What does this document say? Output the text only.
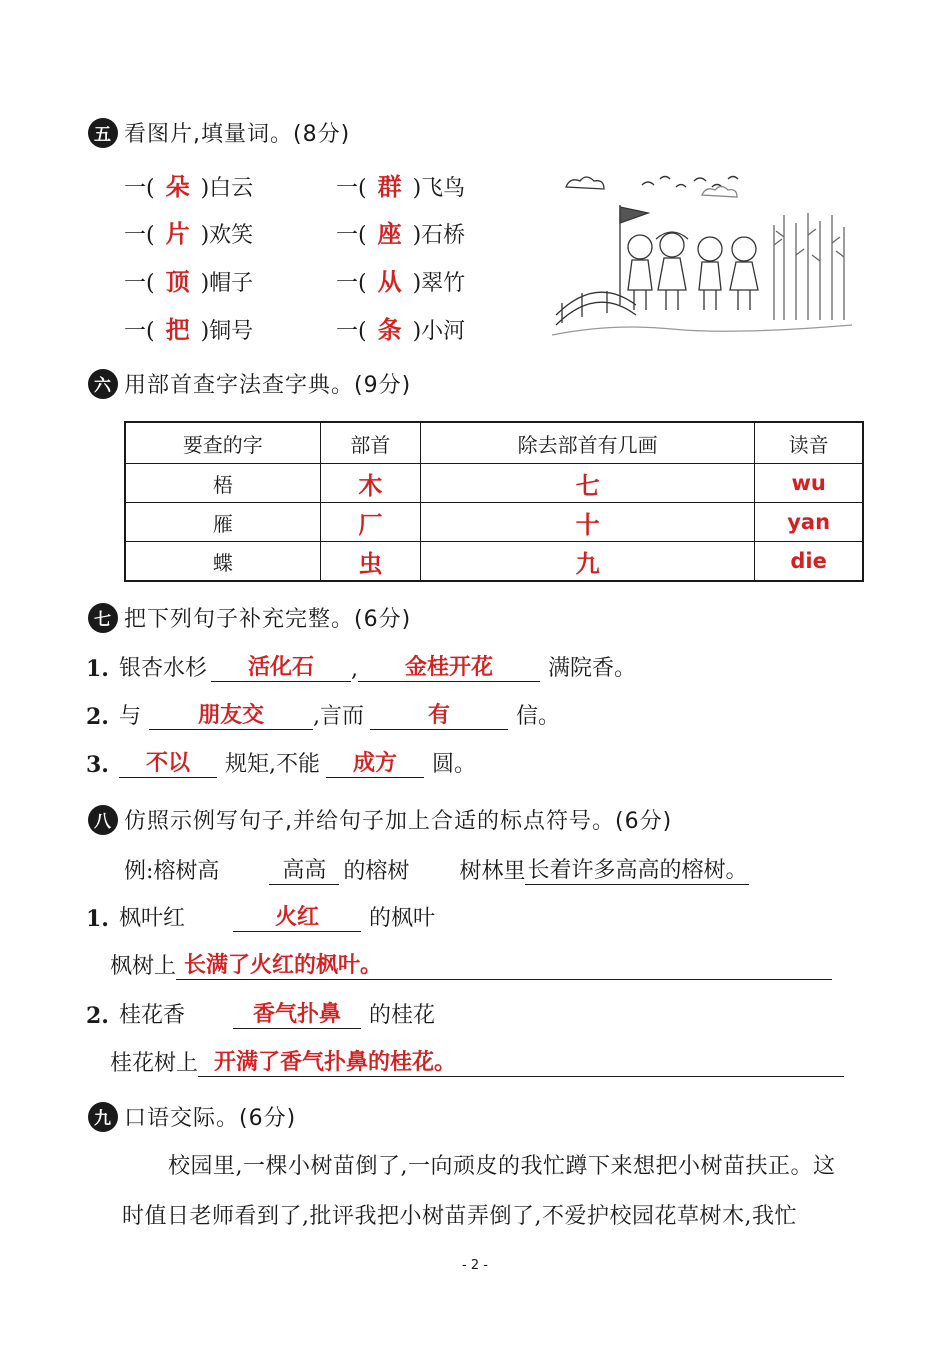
五 看图片,填量词。(8分)
一( 朵 )白云	一( 群 )飞鸟
一( 片 )欢笑	一( 座 )石桥
一( 顶 )帽子	一( 从 )翠竹
一( 把 )铜号	一( 条 )小河
六 用部首查字法查字典。(9分)
要查的字	部首	除去部首有几画	读音
梧	木	七	wu
雁	厂	十	yan
蝶	虫	九	die
七 把下列句子补充完整。(6分)
1. 银杏水杉	活化石	,	金桂开花	满院香。
2. 与	朋友交	,言而	有	信。
3.	不以	规矩,不能	成方	圆。
八 仿照示例写句子,并给句子加上合适的标点符号。(6分)
例:榕树高	高高 的榕树 树林里 长着许多高高的榕树。
1. 枫叶红	火红	的枫叶
枫树上 长满了火红的枫叶。
2. 桂花香	香气扑鼻	的桂花
桂花树上 开满了香气扑鼻的桂花。
九 口语交际。(6分)
校园里,一棵小树苗倒了,一向顽皮的我忙蹲下来想把小树苗扶正。这
时值日老师看到了,批评我把小树苗弄倒了,不爱护校园花草树木,我忙
- 2 -
